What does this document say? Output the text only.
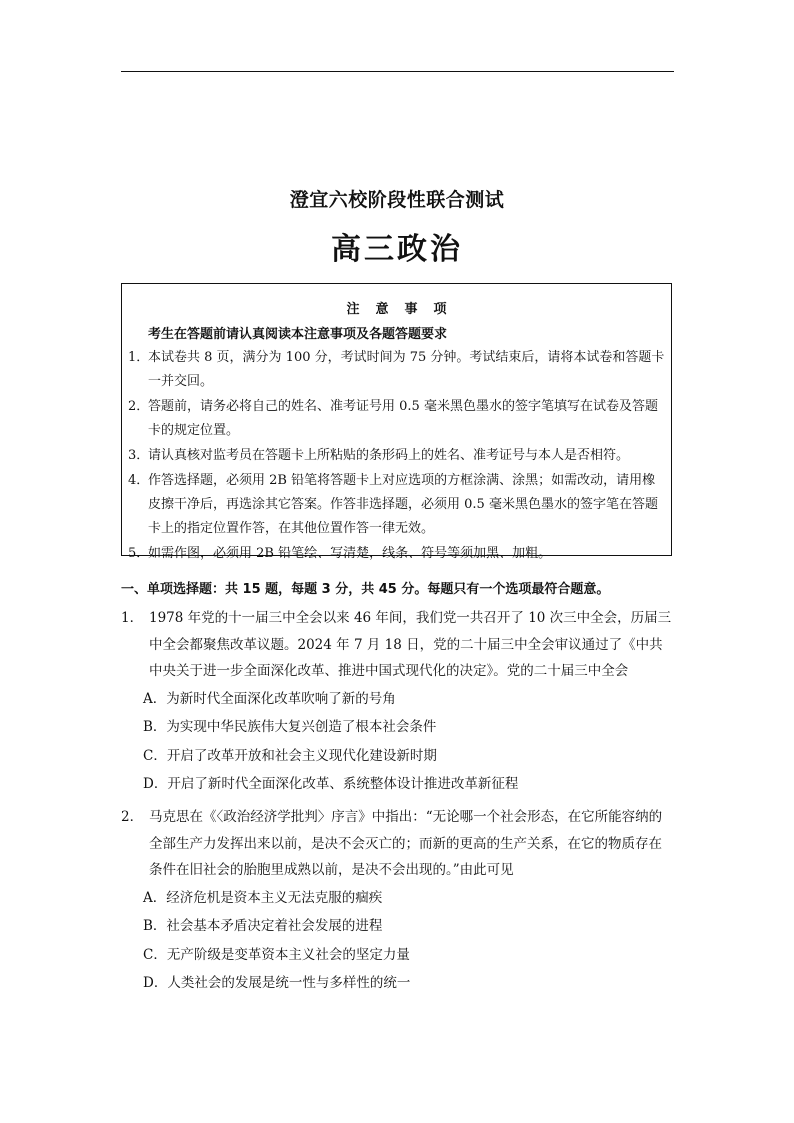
澄宜六校阶段性联合测试
高三政治
注意事项
考生在答题前请认真阅读本注意事项及各题答题要求
1．
本试卷共 8 页，满分为 100 分，考试时间为 75 分钟。考试结束后，请将本试卷和答题卡一并交回。
2．
答题前，请务必将自己的姓名、准考证号用 0.5 毫米黑色墨水的签字笔填写在试卷及答题卡的规定位置。
3．
请认真核对监考员在答题卡上所粘贴的条形码上的姓名、准考证号与本人是否相符。
4．
作答选择题，必须用 2B 铅笔将答题卡上对应选项的方框涂满、涂黑；如需改动，请用橡皮擦干净后，再选涂其它答案。作答非选择题，必须用 0.5 毫米黑色墨水的签字笔在答题卡上的指定位置作答，在其他位置作答一律无效。
5．
如需作图，必须用 2B 铅笔绘、写清楚，线条、符号等须加黑、加粗。
一、单项选择题：共 15 题，每题 3 分，共 45 分。每题只有一个选项最符合题意。
1． 1978 年党的十一届三中全会以来 46 年间，我们党一共召开了 10 次三中全会，历届三中全会都聚焦改革议题。2024 年 7 月 18 日，党的二十届三中全会审议通过了《中共中央关于进一步全面深化改革、推进中国式现代化的决定》。党的二十届三中全会
A．为新时代全面深化改革吹响了新的号角
B．为实现中华民族伟大复兴创造了根本社会条件
C．开启了改革开放和社会主义现代化建设新时期
D．开启了新时代全面深化改革、系统整体设计推进改革新征程
2． 马克思在《〈政治经济学批判〉序言》中指出：“无论哪一个社会形态，在它所能容纳的全部生产力发挥出来以前，是决不会灭亡的；而新的更高的生产关系，在它的物质存在条件在旧社会的胎胞里成熟以前，是决不会出现的。”由此可见
A．经济危机是资本主义无法克服的痼疾
B．社会基本矛盾决定着社会发展的进程
C．无产阶级是变革资本主义社会的坚定力量
D．人类社会的发展是统一性与多样性的统一
